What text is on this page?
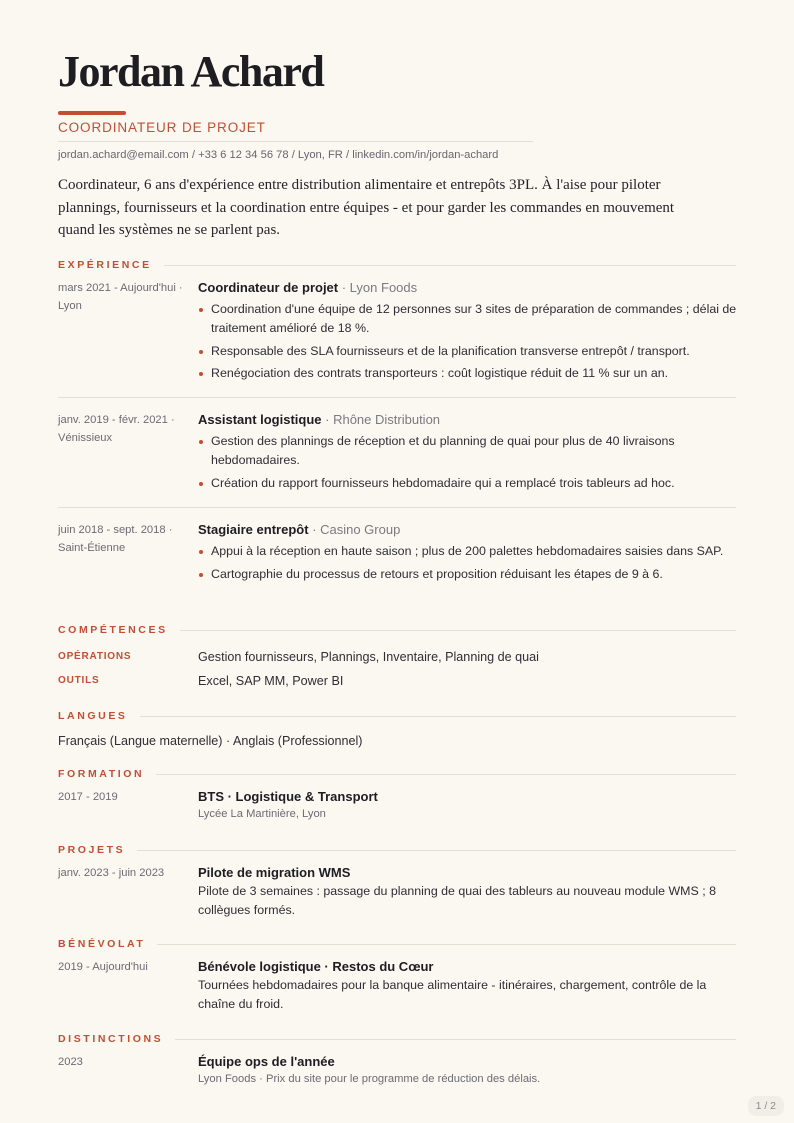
Jordan Achard
COORDINATEUR DE PROJET
jordan.achard@email.com / +33 6 12 34 56 78 / Lyon, FR / linkedin.com/in/jordan-achard
Coordinateur, 6 ans d'expérience entre distribution alimentaire et entrepôts 3PL. À l'aise pour piloter plannings, fournisseurs et la coordination entre équipes - et pour garder les commandes en mouvement quand les systèmes ne se parlent pas.
EXPÉRIENCE
mars 2021 - Aujourd'hui · Lyon
Coordinateur de projet · Lyon Foods
Coordination d'une équipe de 12 personnes sur 3 sites de préparation de commandes ; délai de traitement amélioré de 18 %.
Responsable des SLA fournisseurs et de la planification transverse entrepôt / transport.
Renégociation des contrats transporteurs : coût logistique réduit de 11 % sur un an.
janv. 2019 - févr. 2021 · Vénissieux
Assistant logistique · Rhône Distribution
Gestion des plannings de réception et du planning de quai pour plus de 40 livraisons hebdomadaires.
Création du rapport fournisseurs hebdomadaire qui a remplacé trois tableurs ad hoc.
juin 2018 - sept. 2018 · Saint-Étienne
Stagiaire entrepôt · Casino Group
Appui à la réception en haute saison ; plus de 200 palettes hebdomadaires saisies dans SAP.
Cartographie du processus de retours et proposition réduisant les étapes de 9 à 6.
COMPÉTENCES
OPÉRATIONS	Gestion fournisseurs, Plannings, Inventaire, Planning de quai
OUTILS	Excel, SAP MM, Power BI
LANGUES
Français (Langue maternelle) · Anglais (Professionnel)
FORMATION
2017 - 2019	BTS · Logistique & Transport
Lycée La Martinière, Lyon
PROJETS
janv. 2023 - juin 2023	Pilote de migration WMS
Pilote de 3 semaines : passage du planning de quai des tableurs au nouveau module WMS ; 8 collègues formés.
BÉNÉVOLAT
2019 - Aujourd'hui	Bénévole logistique · Restos du Cœur
Tournées hebdomadaires pour la banque alimentaire - itinéraires, chargement, contrôle de la chaîne du froid.
DISTINCTIONS
2023	Équipe ops de l'année
Lyon Foods · Prix du site pour le programme de réduction des délais.
1 / 2
